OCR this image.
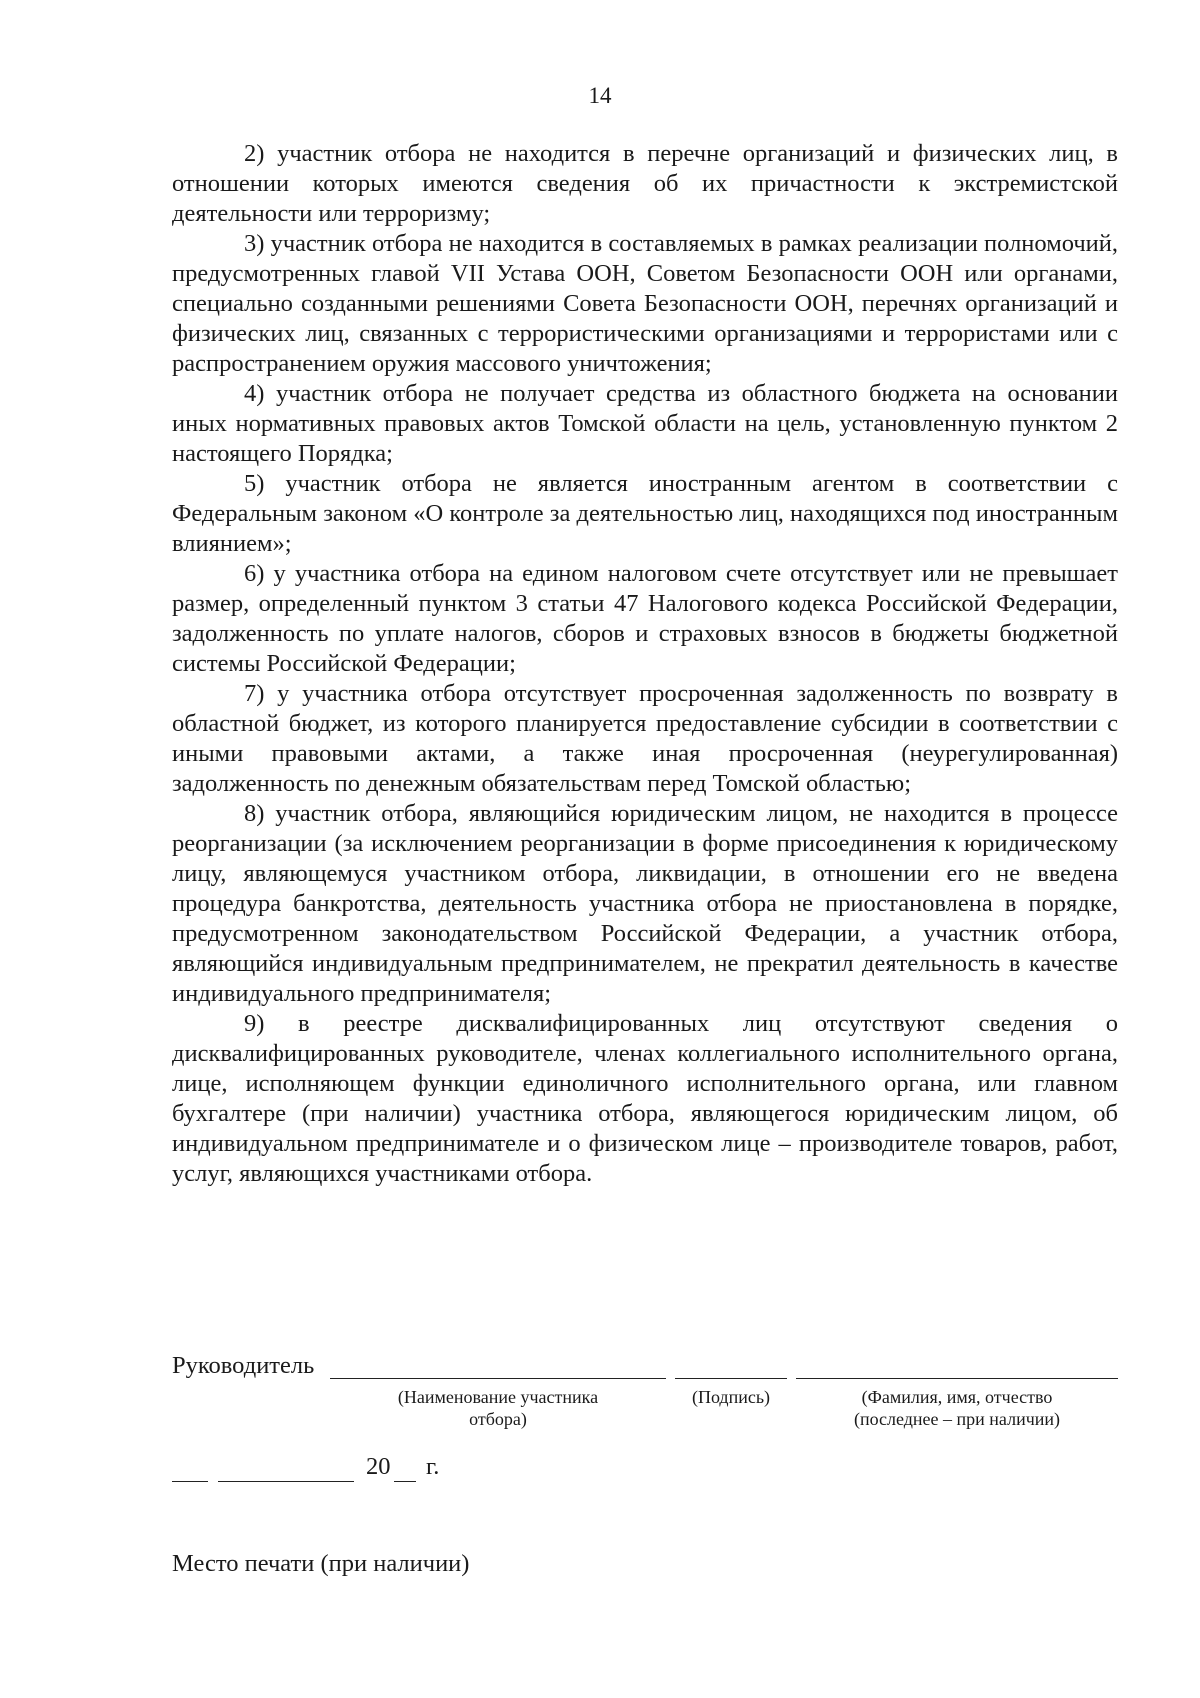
14

2) участник отбора не находится в перечне организаций и физических лиц, в отношении которых имеются сведения об их причастности к экстремистской деятельности или терроризму;

3) участник отбора не находится в составляемых в рамках реализации полномочий, предусмотренных главой VII Устава ООН, Советом Безопасности ООН или органами, специально созданными решениями Совета Безопасности ООН, перечнях организаций и физических лиц, связанных с террористическими организациями и террористами или с распространением оружия массового уничтожения;

4) участник отбора не получает средства из областного бюджета на основании иных нормативных правовых актов Томской области на цель, установленную пунктом 2 настоящего Порядка;

5) участник отбора не является иностранным агентом в соответствии с Федеральным законом «О контроле за деятельностью лиц, находящихся под иностранным влиянием»;

6) у участника отбора на едином налоговом счете отсутствует или не превышает размер, определенный пунктом 3 статьи 47 Налогового кодекса Российской Федерации, задолженность по уплате налогов, сборов и страховых взносов в бюджеты бюджетной системы Российской Федерации;

7) у участника отбора отсутствует просроченная задолженность по возврату в областной бюджет, из которого планируется предоставление субсидии в соответствии с иными правовыми актами, а также иная просроченная (неурегулированная) задолженность по денежным обязательствам перед Томской областью;

8) участник отбора, являющийся юридическим лицом, не находится в процессе реорганизации (за исключением реорганизации в форме присоединения к юридическому лицу, являющемуся участником отбора, ликвидации, в отношении его не введена процедура банкротства, деятельность участника отбора не приостановлена в порядке, предусмотренном законодательством Российской Федерации, а участник отбора, являющийся индивидуальным предпринимателем, не прекратил деятельность в качестве индивидуального предпринимателя;

9) в реестре дисквалифицированных лиц отсутствуют сведения о дисквалифицированных руководителе, членах коллегиального исполнительного органа, лице, исполняющем функции единоличного исполнительного органа, или главном бухгалтере (при наличии) участника отбора, являющегося юридическим лицом, об индивидуальном предпринимателе и о физическом лице – производителе товаров, работ, услуг, являющихся участниками отбора.

Руководитель
(Наименование участника
отбора)
(Подпись)	(Фамилия, имя, отчество
(последнее – при наличии)
20 г.
Место печати (при наличии)
